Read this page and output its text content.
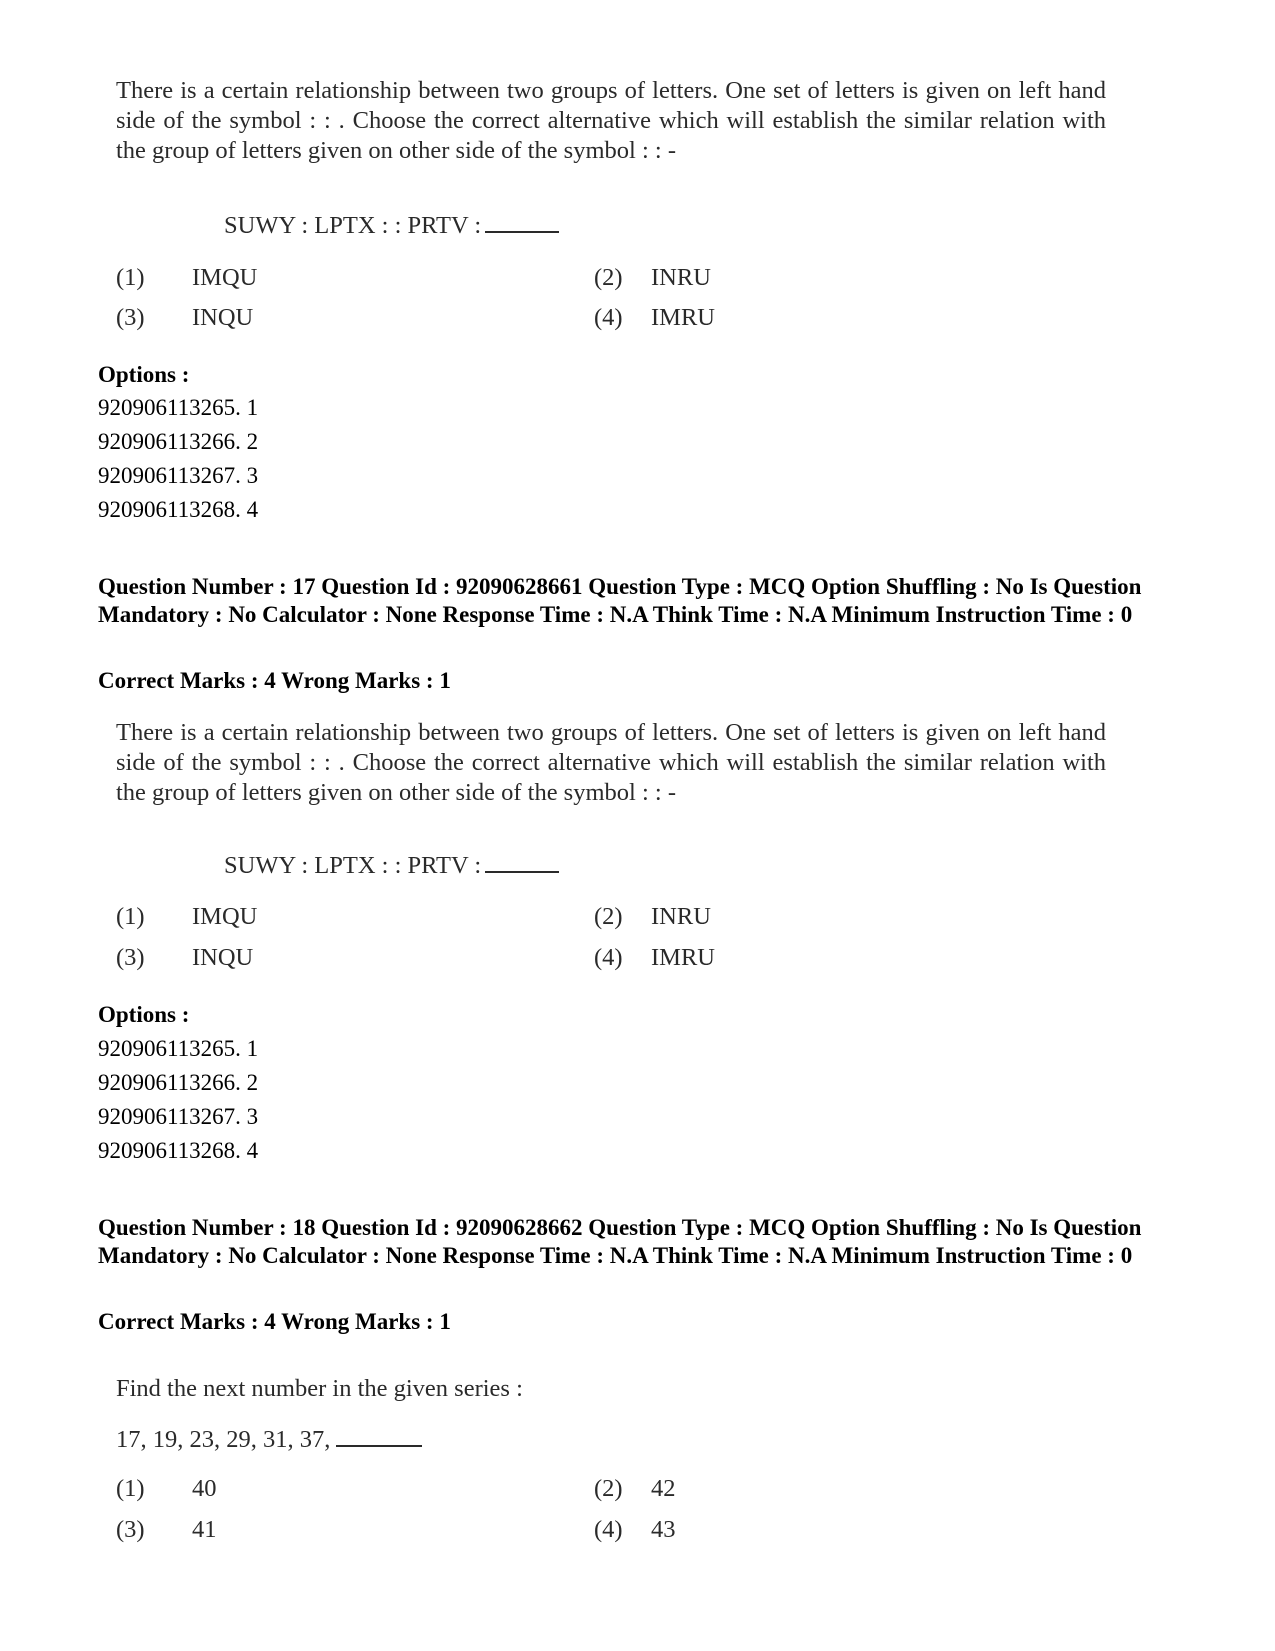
There is a certain relationship between two groups of letters. One set of letters is given on left hand side of the symbol : : . Choose the correct alternative which will establish the similar relation with the group of letters given on other side of the symbol : : -

SUWY : LPTX : : PRTV :
(1) IMQU	(2) INRU
(3) INQU	(4) IMRU
Options :
920906113265. 1
920906113266. 2
920906113267. 3
920906113268. 4

Question Number : 17 Question Id : 92090628661 Question Type : MCQ Option Shuffling : No Is Question Mandatory : No Calculator : None Response Time : N.A Think Time : N.A Minimum Instruction Time : 0

Correct Marks : 4 Wrong Marks : 1

There is a certain relationship between two groups of letters. One set of letters is given on left hand side of the symbol : : . Choose the correct alternative which will establish the similar relation with the group of letters given on other side of the symbol : : -

SUWY : LPTX : : PRTV :
(1) IMQU	(2) INRU
(3) INQU	(4) IMRU
Options :
920906113265. 1
920906113266. 2
920906113267. 3
920906113268. 4

Question Number : 18 Question Id : 92090628662 Question Type : MCQ Option Shuffling : No Is Question Mandatory : No Calculator : None Response Time : N.A Think Time : N.A Minimum Instruction Time : 0

Correct Marks : 4 Wrong Marks : 1
Find the next number in the given series :
17, 19, 23, 29, 31, 37,
(1) 40	(2) 42
(3) 41	(4) 43
